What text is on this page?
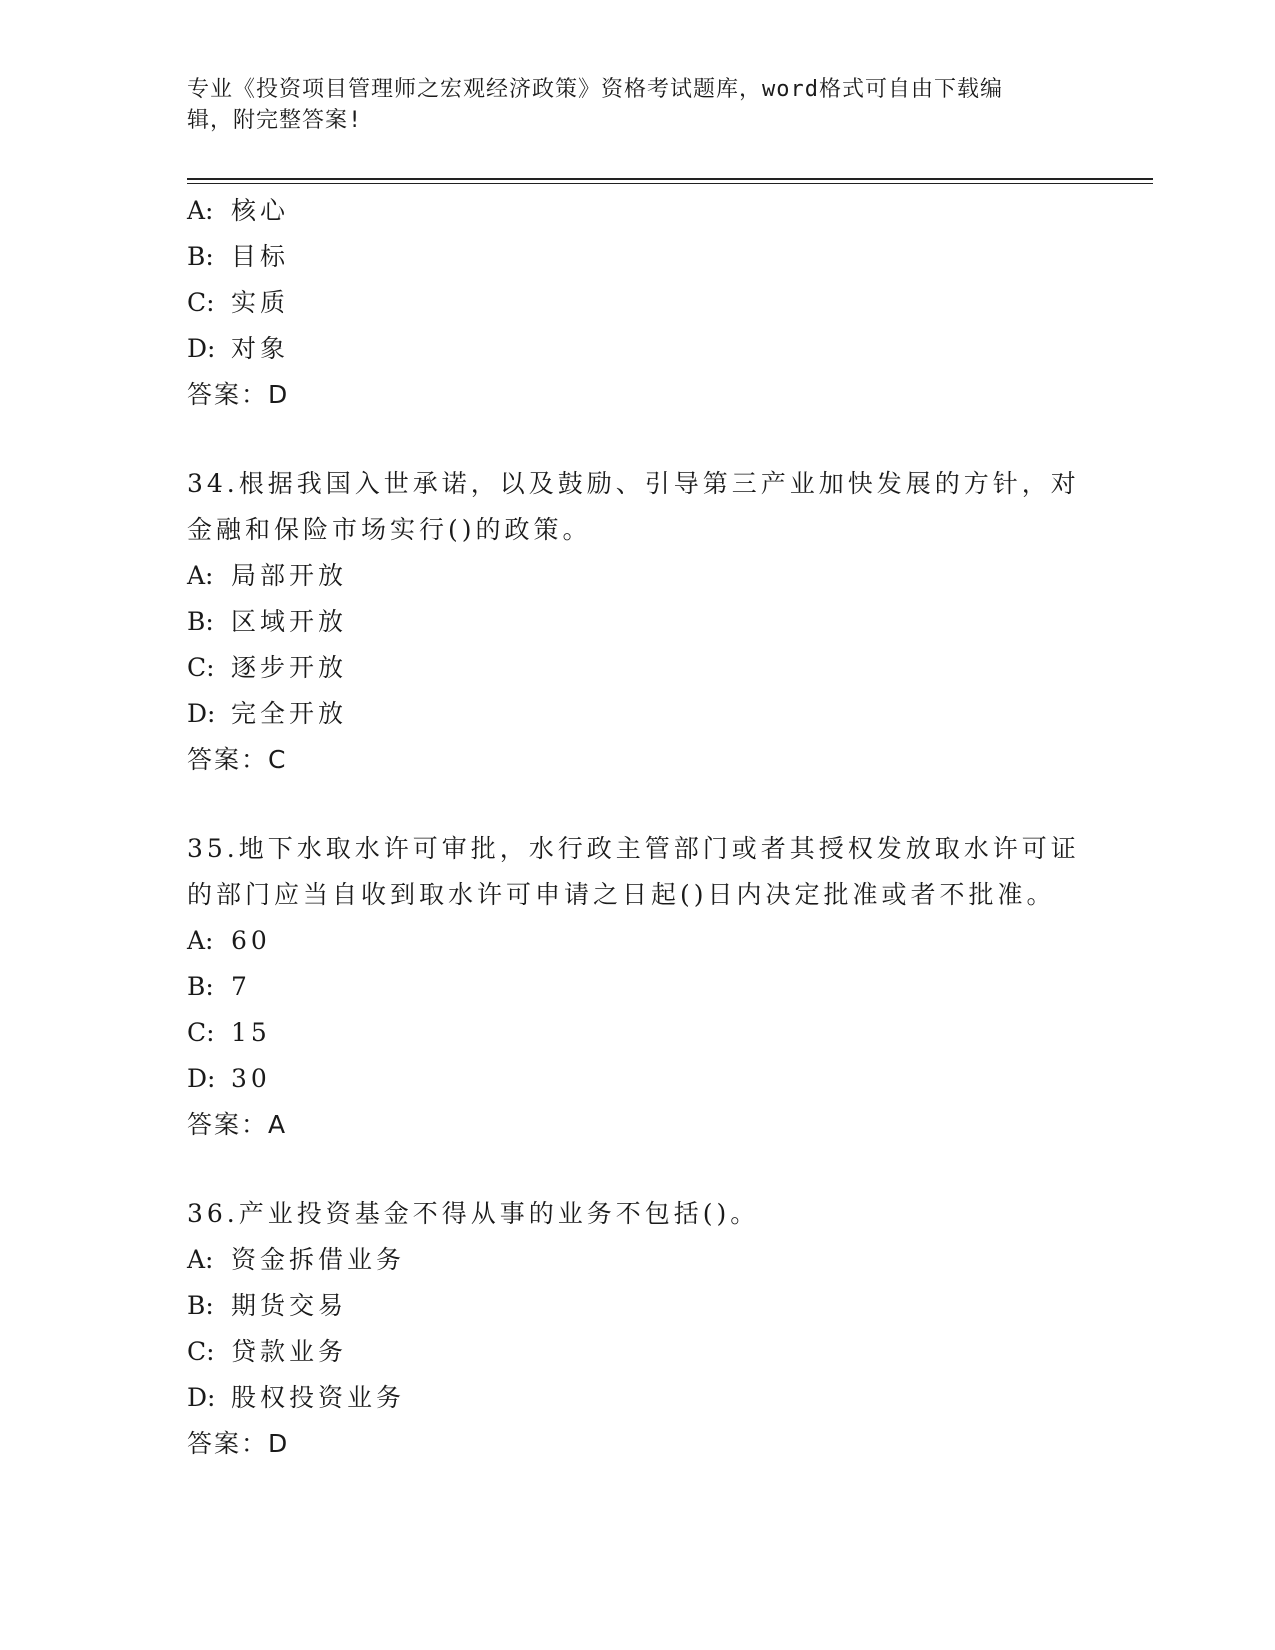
专业《投资项目管理师之宏观经济政策》资格考试题库，word格式可自由下载编
辑，附完整答案!
A: 核心
B: 目标
C: 实质
D: 对象
答案：D
34.根据我国入世承诺，以及鼓励、引导第三产业加快发展的方针，对
金融和保险市场实行()的政策。
A: 局部开放
B: 区域开放
C: 逐步开放
D: 完全开放
答案：C
35.地下水取水许可审批，水行政主管部门或者其授权发放取水许可证
的部门应当自收到取水许可申请之日起()日内决定批准或者不批准。
A: 60
B: 7
C: 15
D: 30
答案：A
36.产业投资基金不得从事的业务不包括()。
A: 资金拆借业务
B: 期货交易
C: 贷款业务
D: 股权投资业务
答案：D
